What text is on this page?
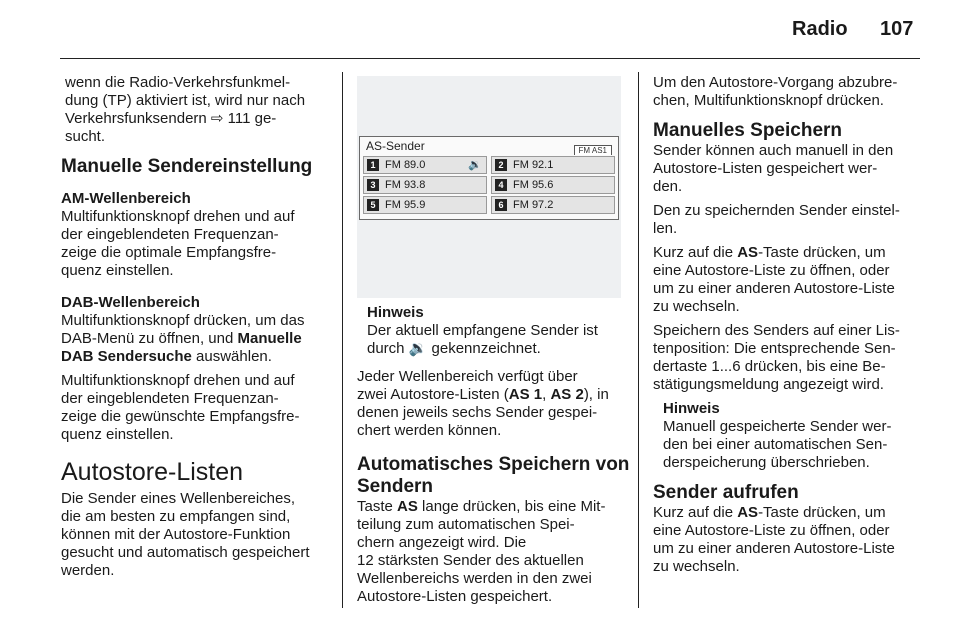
Radio 107

wenn die Radio-Verkehrsfunkmel-
dung (TP) aktiviert ist, wird nur nach
Verkehrsfunksendern ⇨ 111 ge-
sucht.

Manuelle Sendereinstellung
AM-Wellenbereich

Multifunktionsknopf drehen und auf
der eingeblendeten Frequenzan-
zeige die optimale Empfangsfre-
quenz einstellen.

DAB-Wellenbereich

Multifunktionsknopf drücken, um das
DAB-Menü zu öffnen, und Manuelle
DAB Sendersuche auswählen.

Multifunktionsknopf drehen und auf
der eingeblendeten Frequenzan-
zeige die gewünschte Empfangsfre-
quenz einstellen.

Autostore-Listen

Die Sender eines Wellenbereiches,
die am besten zu empfangen sind,
können mit der Autostore-Funktion
gesucht und automatisch gespeichert
werden.

AS-Sender	FM AS1
1 FM 89.0	🔉	2 FM 92.1
3 FM 93.8	4 FM 95.6
5 FM 95.9	6 FM 97.2
Hinweis
Der aktuell empfangene Sender ist
durch 🔉 gekennzeichnet.

Jeder Wellenbereich verfügt über
zwei Autostore-Listen (AS 1, AS 2), in
denen jeweils sechs Sender gespei-
chert werden können.

Automatisches Speichern von Sendern

Taste AS lange drücken, bis eine Mit-
teilung zum automatischen Spei-
chern angezeigt wird. Die
12 stärksten Sender des aktuellen
Wellenbereichs werden in den zwei
Autostore-Listen gespeichert.

Um den Autostore-Vorgang abzubre-
chen, Multifunktionsknopf drücken.

Manuelles Speichern

Sender können auch manuell in den
Autostore-Listen gespeichert wer-
den.

Den zu speichernden Sender einstel-
len.

Kurz auf die AS-Taste drücken, um
eine Autostore-Liste zu öffnen, oder
um zu einer anderen Autostore-Liste
zu wechseln.

Speichern des Senders auf einer Lis-
tenposition: Die entsprechende Sen-
dertaste 1...6 drücken, bis eine Be-
stätigungsmeldung angezeigt wird.

Hinweis
Manuell gespeicherte Sender wer-
den bei einer automatischen Sen-
derspeicherung überschrieben.
Sender aufrufen

Kurz auf die AS-Taste drücken, um
eine Autostore-Liste zu öffnen, oder
um zu einer anderen Autostore-Liste
zu wechseln.
